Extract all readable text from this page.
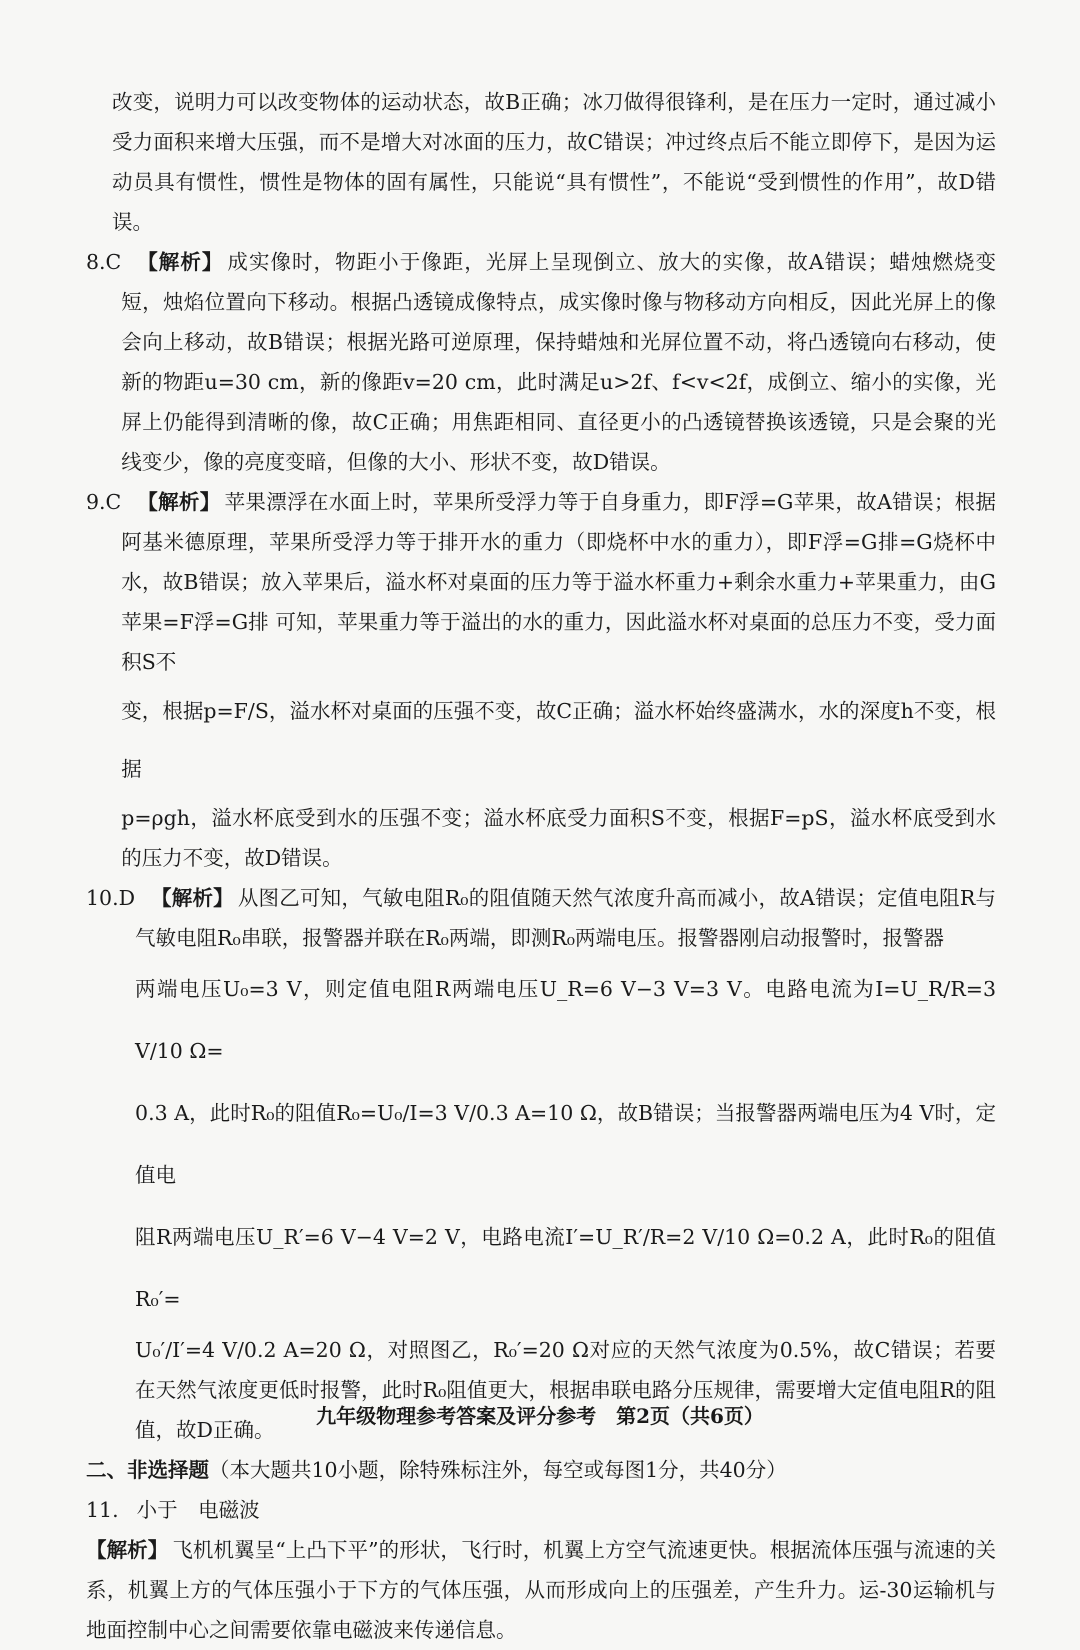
改变，说明力可以改变物体的运动状态，故B正确；冰刀做得很锋利，是在压力一定时，通过减小受力面积来增大压强，而不是增大对冰面的压力，故C错误；冲过终点后不能立即停下，是因为运动员具有惯性，惯性是物体的固有属性，只能说“具有惯性”，不能说“受到惯性的作用”，故D错误。

8.C 【解析】 成实像时，物距小于像距，光屏上呈现倒立、放大的实像，故A错误；蜡烛燃烧变短，烛焰位置向下移动。根据凸透镜成像特点，成实像时像与物移动方向相反，因此光屏上的像会向上移动，故B错误；根据光路可逆原理，保持蜡烛和光屏位置不动，将凸透镜向右移动，使新的物距u=30 cm，新的像距v=20 cm，此时满足u>2f、f<v<2f，成倒立、缩小的实像，光屏上仍能得到清晰的像，故C正确；用焦距相同、直径更小的凸透镜替换该透镜，只是会聚的光线变少，像的亮度变暗，但像的大小、形状不变，故D错误。
9.C 【解析】 苹果漂浮在水面上时，苹果所受浮力等于自身重力，即F浮=G苹果，故A错误；根据阿基米德原理，苹果所受浮力等于排开水的重力（即烧杯中水的重力），即F浮=G排=G烧杯中水，故B错误；放入苹果后，溢水杯对桌面的压力等于溢水杯重力+剩余水重力+苹果重力，由G苹果=F浮=G排 可知，苹果重力等于溢出的水的重力，因此溢水杯对桌面的总压力不变，受力面积S不
变，根据p=F/S，溢水杯对桌面的压强不变，故C正确；溢水杯始终盛满水，水的深度h不变，根据
p=ρgh，溢水杯底受到水的压强不变；溢水杯底受力面积S不变，根据F=pS，溢水杯底受到水的压力不变，故D错误。
10.D 【解析】 从图乙可知，气敏电阻R₀的阻值随天然气浓度升高而减小，故A错误；定值电阻R与气敏电阻R₀串联，报警器并联在R₀两端，即测R₀两端电压。报警器刚启动报警时，报警器
两端电压U₀=3 V，则定值电阻R两端电压U_R=6 V−3 V=3 V。电路电流为I=U_R/R=3 V/10 Ω=
0.3 A，此时R₀的阻值R₀=U₀/I=3 V/0.3 A=10 Ω，故B错误；当报警器两端电压为4 V时，定值电
阻R两端电压U_R′=6 V−4 V=2 V，电路电流I′=U_R′/R=2 V/10 Ω=0.2 A，此时R₀的阻值R₀′=
U₀′/I′=4 V/0.2 A=20 Ω，对照图乙，R₀′=20 Ω对应的天然气浓度为0.5%，故C错误；若要在天然气浓度更低时报警，此时R₀阻值更大，根据串联电路分压规律，需要增大定值电阻R的阻值，故D正确。

二、非选择题（本大题共10小题，除特殊标注外，每空或每图1分，共40分）

11. 小于　电磁波

【解析】 飞机机翼呈“上凸下平”的形状，飞行时，机翼上方空气流速更快。根据流体压强与流速的关系，机翼上方的气体压强小于下方的气体压强，从而形成向上的压强差，产生升力。运-30运输机与地面控制中心之间需要依靠电磁波来传递信息。

九年级物理参考答案及评分参考　第2页（共6页）
